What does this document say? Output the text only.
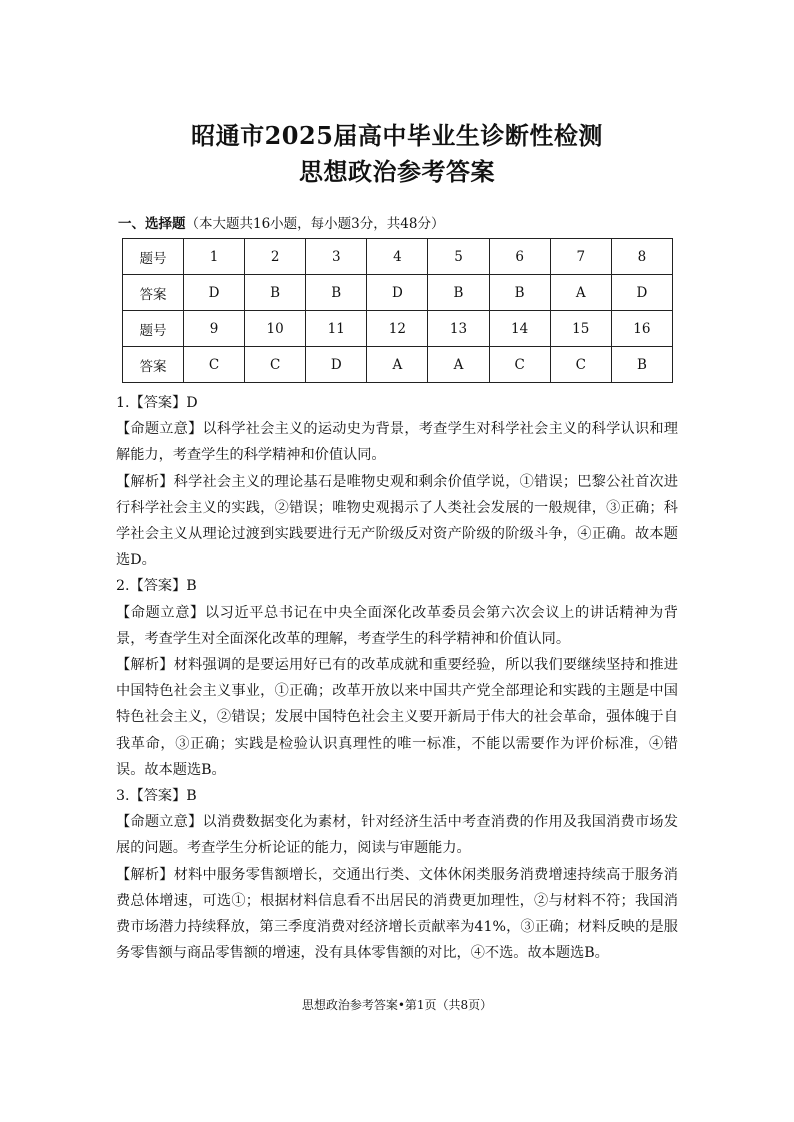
昭通市2025届高中毕业生诊断性检测
思想政治参考答案
一、选择题（本大题共16小题，每小题3分，共48分）
题号	1	2	3	4	5	6	7	8
答案	D	B	B	D	B	B	A	D
题号	9	10	11	12	13	14	15	16
答案	C	C	D	A	A	C	C	B

1.【答案】D

【命题立意】以科学社会主义的运动史为背景，考查学生对科学社会主义的科学认识和理解能力，考查学生的科学精神和价值认同。

【解析】科学社会主义的理论基石是唯物史观和剩余价值学说，①错误；巴黎公社首次进行科学社会主义的实践，②错误；唯物史观揭示了人类社会发展的一般规律，③正确；科学社会主义从理论过渡到实践要进行无产阶级反对资产阶级的阶级斗争，④正确。故本题选D。

2.【答案】B

【命题立意】以习近平总书记在中央全面深化改革委员会第六次会议上的讲话精神为背景，考查学生对全面深化改革的理解，考查学生的科学精神和价值认同。

【解析】材料强调的是要运用好已有的改革成就和重要经验，所以我们要继续坚持和推进中国特色社会主义事业，①正确；改革开放以来中国共产党全部理论和实践的主题是中国特色社会主义，②错误；发展中国特色社会主义要开新局于伟大的社会革命，强体魄于自我革命，③正确；实践是检验认识真理性的唯一标准，不能以需要作为评价标准，④错误。故本题选B。

3.【答案】B

【命题立意】以消费数据变化为素材，针对经济生活中考查消费的作用及我国消费市场发展的问题。考查学生分析论证的能力，阅读与审题能力。

【解析】材料中服务零售额增长，交通出行类、文体休闲类服务消费增速持续高于服务消费总体增速，可选①；根据材料信息看不出居民的消费更加理性，②与材料不符；我国消费市场潜力持续释放，第三季度消费对经济增长贡献率为41%，③正确；材料反映的是服务零售额与商品零售额的增速，没有具体零售额的对比，④不选。故本题选B。

思想政治参考答案•第1页（共8页）
